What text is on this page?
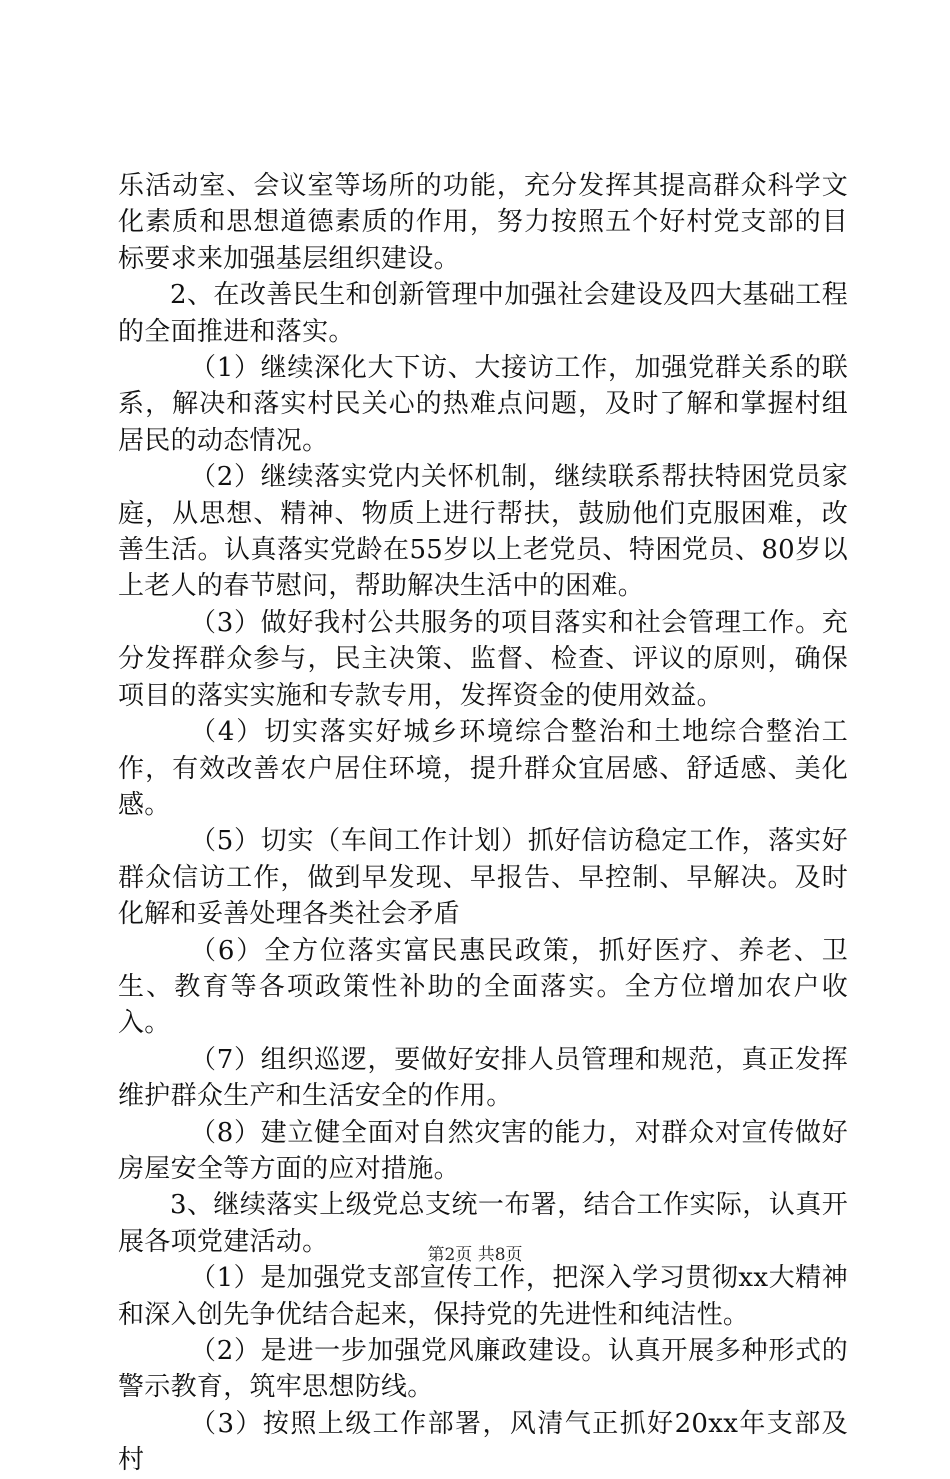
乐活动室、会议室等场所的功能，充分发挥其提高群众科学文化素质和思想道德素质的作用，努力按照五个好村党支部的目标要求来加强基层组织建设。

2、在改善民生和创新管理中加强社会建设及四大基础工程的全面推进和落实。

（1）继续深化大下访、大接访工作，加强党群关系的联系，解决和落实村民关心的热难点问题，及时了解和掌握村组居民的动态情况。

（2）继续落实党内关怀机制，继续联系帮扶特困党员家庭，从思想、精神、物质上进行帮扶，鼓励他们克服困难，改善生活。认真落实党龄在55岁以上老党员、特困党员、80岁以上老人的春节慰问，帮助解决生活中的困难。

（3）做好我村公共服务的项目落实和社会管理工作。充分发挥群众参与，民主决策、监督、检查、评议的原则，确保项目的落实实施和专款专用，发挥资金的使用效益。

（4）切实落实好城乡环境综合整治和土地综合整治工作，有效改善农户居住环境，提升群众宜居感、舒适感、美化感。

（5）切实（车间工作计划）抓好信访稳定工作，落实好群众信访工作，做到早发现、早报告、早控制、早解决。及时化解和妥善处理各类社会矛盾

（6）全方位落实富民惠民政策，抓好医疗、养老、卫生、教育等各项政策性补助的全面落实。全方位增加农户收入。

（7）组织巡逻，要做好安排人员管理和规范，真正发挥维护群众生产和生活安全的作用。

（8）建立健全面对自然灾害的能力，对群众对宣传做好房屋安全等方面的应对措施。

3、继续落实上级党总支统一布署，结合工作实际，认真开展各项党建活动。

（1）是加强党支部宣传工作，把深入学习贯彻xx大精神和深入创先争优结合起来，保持党的先进性和纯洁性。

（2）是进一步加强党风廉政建设。认真开展多种形式的警示教育，筑牢思想防线。

（3）按照上级工作部署，风清气正抓好20xx年支部及村

第2页 共8页
